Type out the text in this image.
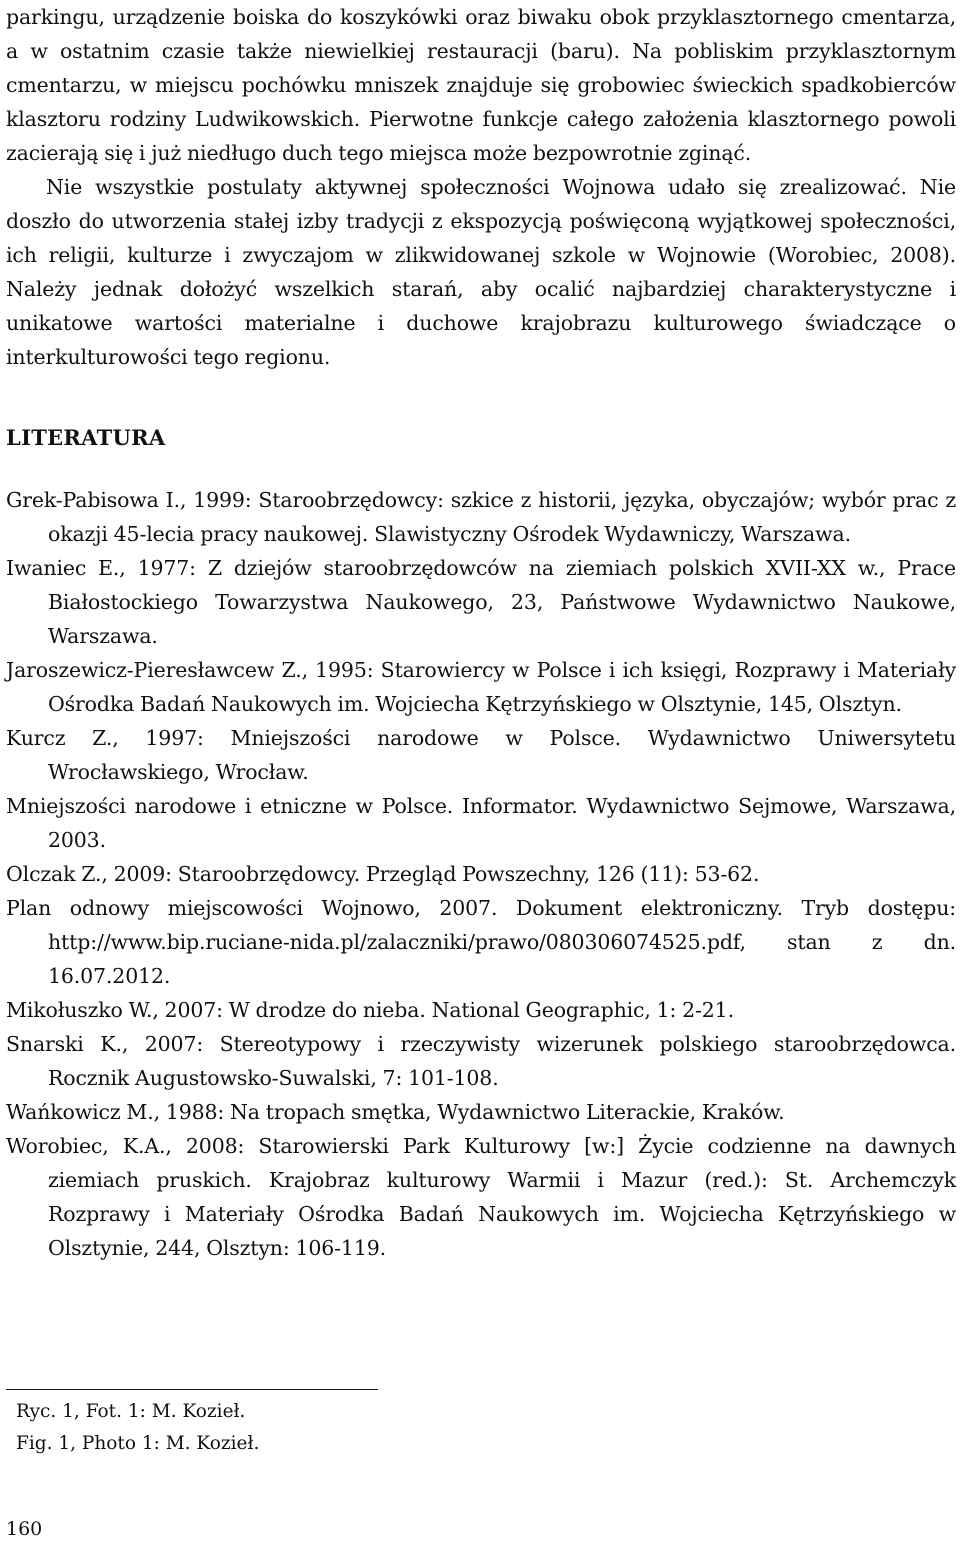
parkingu, urządzenie boiska do koszykówki oraz biwaku obok przyklasztornego cmentarza, a w ostatnim czasie także niewielkiej restauracji (baru). Na pobliskim przyklasztornym cmentarzu, w miejscu pochówku mniszek znajduje się grobowiec świeckich spadkobierców klasztoru rodziny Ludwikowskich. Pierwotne funkcje całego założenia klasztornego powoli zacierają się i już niedługo duch tego miejsca może bezpowrotnie zginąć.

Nie wszystkie postulaty aktywnej społeczności Wojnowa udało się zrealizować. Nie doszło do utworzenia stałej izby tradycji z ekspozycją poświęconą wyjątkowej społeczności, ich religii, kulturze i zwyczajom w zlikwidowanej szkole w Wojnowie (Worobiec, 2008). Należy jednak dołożyć wszelkich starań, aby ocalić najbardziej charakterystyczne i unikatowe wartości materialne i duchowe krajobrazu kulturowego świadczące o interkulturowości tego regionu.

LITERATURA

Grek-Pabisowa I., 1999: Staroobrzędowcy: szkice z historii, języka, obyczajów; wybór prac z okazji 45-lecia pracy naukowej. Slawistyczny Ośrodek Wydawniczy, Warszawa.

Iwaniec E., 1977: Z dziejów staroobrzędowców na ziemiach polskich XVII-XX w., Prace Białostockiego Towarzystwa Naukowego, 23, Państwowe Wydawnictwo Naukowe, Warszawa.

Jaroszewicz-Pieresławcew Z., 1995: Starowiercy w Polsce i ich księgi, Rozprawy i Materiały Ośrodka Badań Naukowych im. Wojciecha Kętrzyńskiego w Olsztynie, 145, Olsztyn.

Kurcz Z., 1997: Mniejszości narodowe w Polsce. Wydawnictwo Uniwersytetu Wrocławskiego, Wrocław.

Mniejszości narodowe i etniczne w Polsce. Informator. Wydawnictwo Sejmowe, Warszawa, 2003.

Olczak Z., 2009: Staroobrzędowcy. Przegląd Powszechny, 126 (11): 53-62.

Plan odnowy miejscowości Wojnowo, 2007. Dokument elektroniczny. Tryb dostępu: http://www.bip.ruciane-nida.pl/zalaczniki/prawo/080306074525.pdf, stan z dn. 16.07.2012.

Mikołuszko W., 2007: W drodze do nieba. National Geographic, 1: 2-21.

Snarski K., 2007: Stereotypowy i rzeczywisty wizerunek polskiego staroobrzędowca. Rocznik Augustowsko-Suwalski, 7: 101-108.

Wańkowicz M., 1988: Na tropach smętka, Wydawnictwo Literackie, Kraków.

Worobiec, K.A., 2008: Starowierski Park Kulturowy [w:] Życie codzienne na dawnych ziemiach pruskich. Krajobraz kulturowy Warmii i Mazur (red.): St. Archemczyk Rozprawy i Materiały Ośrodka Badań Naukowych im. Wojciecha Kętrzyńskiego w Olsztynie, 244, Olsztyn: 106-119.

Ryc. 1, Fot. 1: M. Kozieł.
Fig. 1, Photo 1: M. Kozieł.
160
